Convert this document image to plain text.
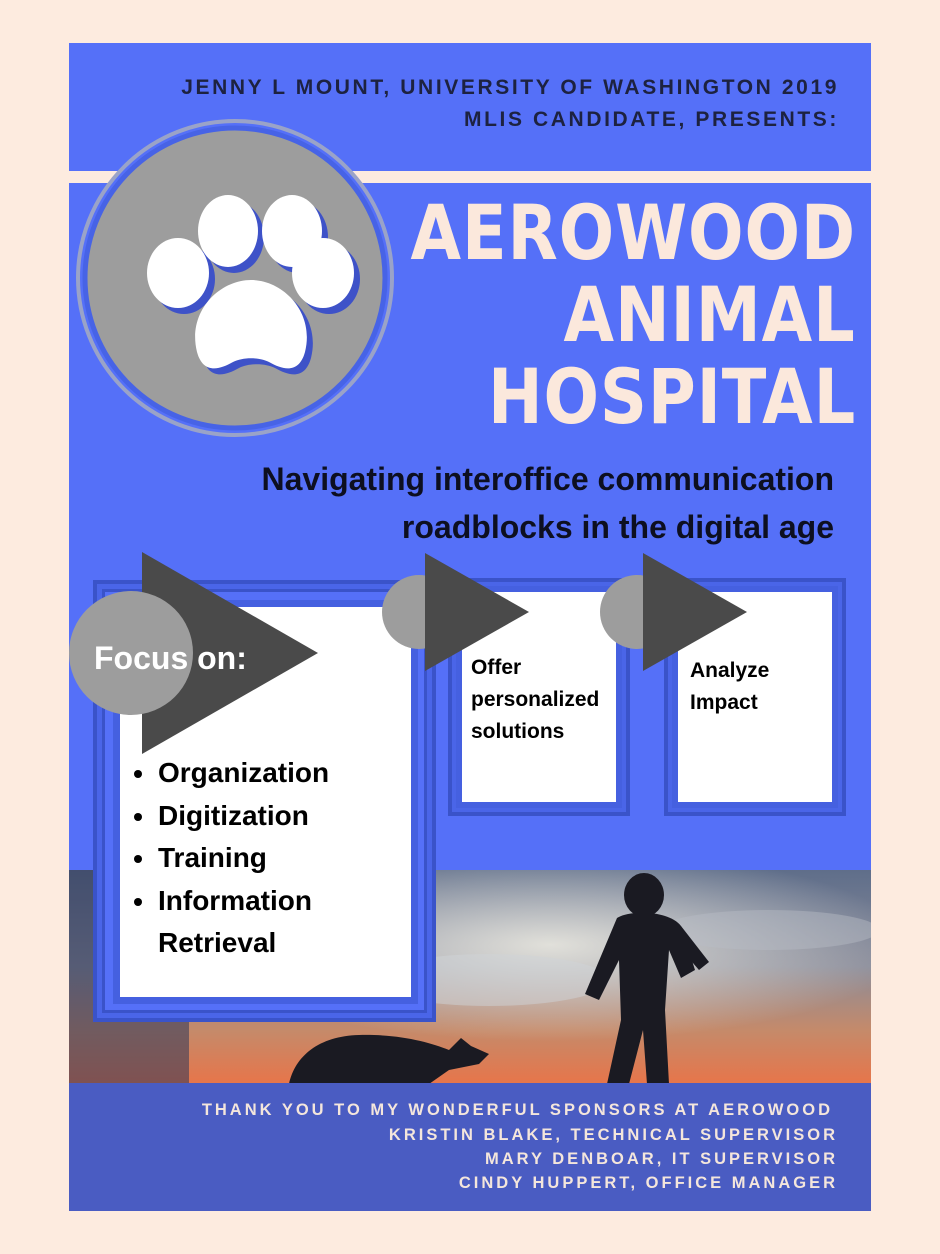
JENNY L MOUNT, UNIVERSITY OF WASHINGTON 2019
MLIS CANDIDATE, PRESENTS:
AEROWOOD
ANIMAL
HOSPITAL
Navigating interoffice communication
roadblocks in the digital age
Focus on:
Organization
Digitization
Training
Information Retrieval
Offer
personalized
solutions
Analyze
Impact
THANK YOU TO MY WONDERFUL SPONSORS AT AEROWOOD
KRISTIN BLAKE, TECHNICAL SUPERVISOR
MARY DENBOAR, IT SUPERVISOR
CINDY HUPPERT, OFFICE MANAGER
